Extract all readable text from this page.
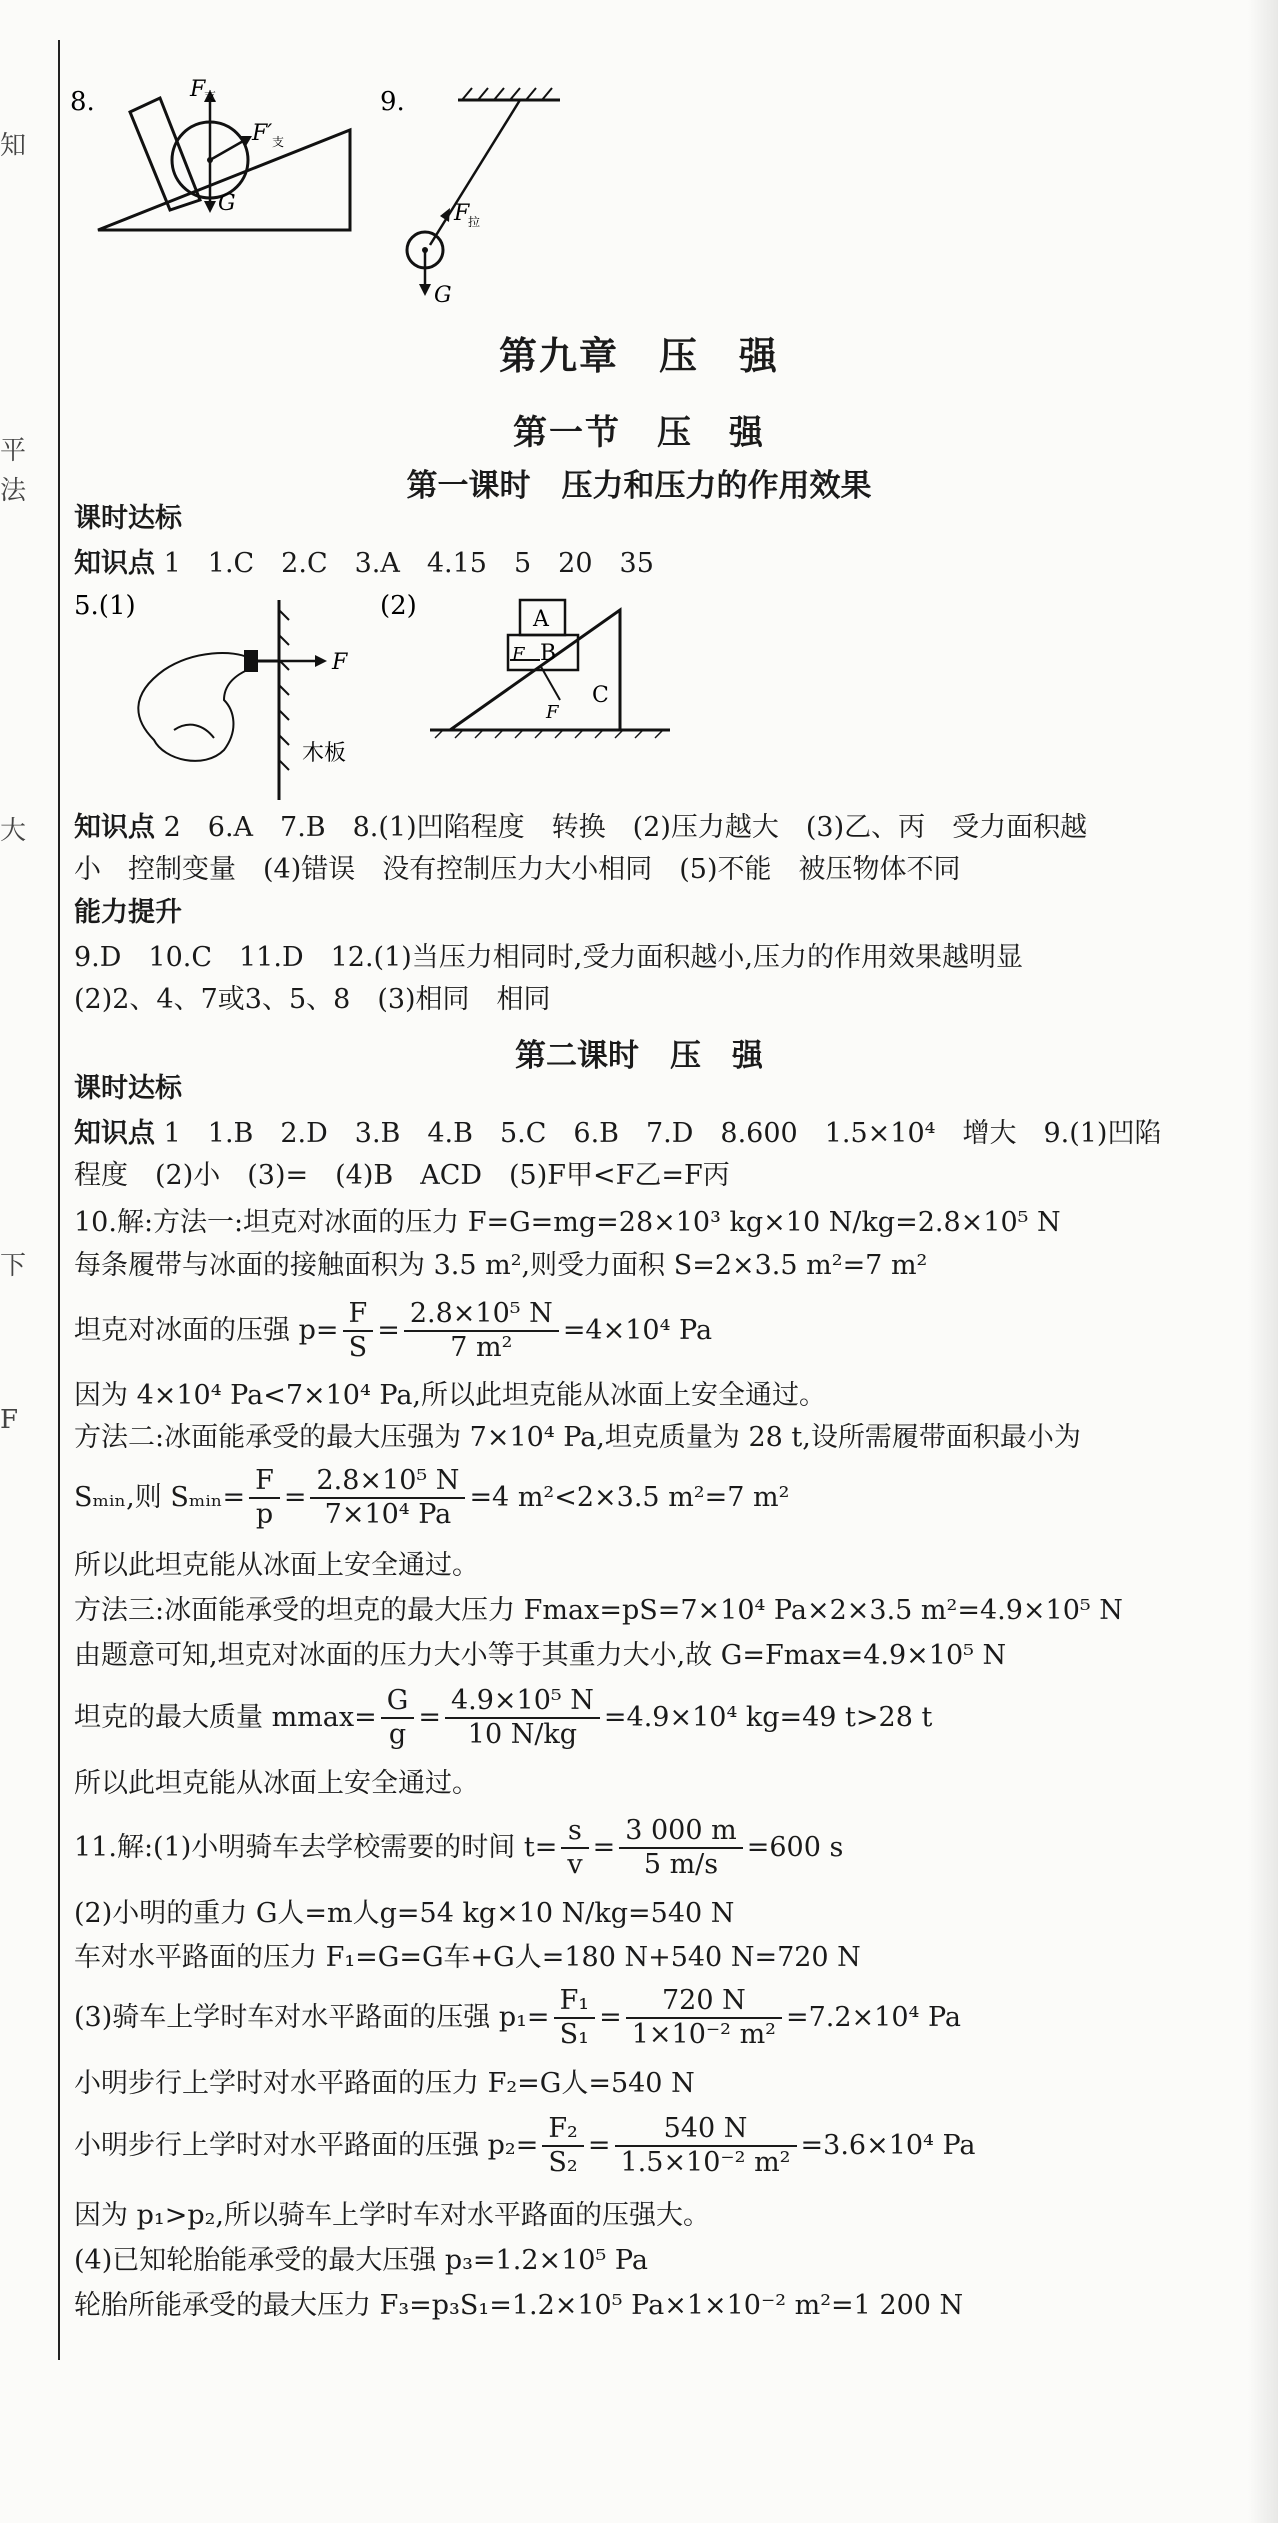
知
平
法
大
下
F
8.	F
支
F′ 支
G
9.
F
拉
G
第九章　压　强
第一节　压　强
第一课时　压力和压力的作用效果
课时达标
知识点 1　1.C　2.C　3.A　4.15　5　20　35
5.(1)
F
木板
(2)	A
B
C
F
F
知识点 2　6.A　7.B　8.(1)凹陷程度　转换　(2)压力越大　(3)乙、丙　受力面积越
小　控制变量　(4)错误　没有控制压力大小相同　(5)不能　被压物体不同
能力提升
9.D　10.C　11.D　12.(1)当压力相同时,受力面积越小,压力的作用效果越明显
(2)2、4、7或3、5、8　(3)相同　相同
第二课时　压　强
课时达标
知识点 1　1.B　2.D　3.B　4.B　5.C　6.B　7.D　8.600　1.5×10⁴　增大　9.(1)凹陷
程度　(2)小　(3)=　(4)B　ACD　(5)F甲<F乙=F丙
10.解:方法一:坦克对冰面的压力 F=G=mg=28×10³ kg×10 N/kg=2.8×10⁵ N
每条履带与冰面的接触面积为 3.5 m²,则受力面积 S=2×3.5 m²=7 m²
坦克对冰面的压强 $p= \frac{F}{S} = \frac{\text{2.8×10⁵ N}}{\text{7 m²}} =4\times 10^4$ Pa
因为 4×10⁴ Pa<7×10⁴ Pa,所以此坦克能从冰面上安全通过。
方法二:冰面能承受的最大压强为 7×10⁴ Pa,坦克质量为 28 t,设所需履带面积最小为
Sₘᵢₙ,则 Sₘᵢₙ= $\frac{F}{p} = \frac{\text{2.8×10⁵ N}}{\text{7×10⁴ Pa}} =4$ m²<2×3.5 m²=7 m²
所以此坦克能从冰面上安全通过。
方法三:冰面能承受的坦克的最大压力 Fmax=pS=7×10⁴ Pa×2×3.5 m²=4.9×10⁵ N
由题意可知,坦克对冰面的压力大小等于其重力大小,故 G=Fmax=4.9×10⁵ N
坦克的最大质量 $mmax= \frac{G}{g} = \frac{\text{4.9×10⁵ N}}{10 N/kg} =4.9\times 10^4$ kg=49 t>28 t
所以此坦克能从冰面上安全通过。
11.解:(1)小明骑车去学校需要的时间 $t= \frac{s}{v} = \frac{3 000 m}{5 m/s} =600$ s
(2)小明的重力 G人=m人g=54 kg×10 N/kg=540 N
车对水平路面的压力 F₁=G=G车+G人=180 N+540 N=720 N
(3)骑车上学时车对水平路面的压强 $p_1= \frac{\text{F₁}}{\text{S₁}} = \frac{720 N}{\text{1×10⁻² m²}} =7.2\times 10^4$ Pa
小明步行上学时对水平路面的压力 F₂=G人=540 N
小明步行上学时对水平路面的压强 $p_2= \frac{\text{F₂}}{\text{S₂}} = \frac{540 N}{\text{1.5×10⁻² m²}} =3.6\times 10^4$ Pa
因为 p₁>p₂,所以骑车上学时车对水平路面的压强大。
(4)已知轮胎能承受的最大压强 p₃=1.2×10⁵ Pa
轮胎所能承受的最大压力 F₃=p₃S₁=1.2×10⁵ Pa×1×10⁻² m²=1 200 N
